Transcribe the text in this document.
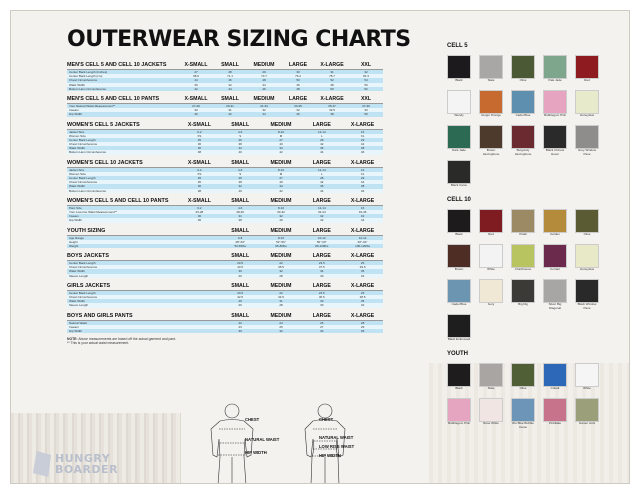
OUTERWEAR SIZING CHARTS
MEN'S CELL 5 AND CELL 10 JACKETS	X-SMALL	SMALL	MEDIUM	LARGE	X-LARGE	XXL
Center Back Length (Inches)	27	28	29	30	31	32
Center Back Length (cm)	68.6	71.1	73.7	76.2	78.7	81.3
Chest Circumference	44	46	48	50	52	54
Waist Width	40	42	44	46	48	50
Bottom Hem Circumference	42	44	46	48	50	52
MEN'S CELL 5 AND CELL 10 PANTS	X-SMALL	SMALL	MEDIUM	LARGE	X-LARGE	XXL
Your Natural Waist Measurement**	27-29	29-31	31-33	33-35	35-37	37-39
Inseam	30	31	32	32	32.5	33
Hip Width	40	42	44	46	48	50
WOMEN'S CELL 5 JACKETS	X-SMALL	SMALL	MEDIUM	LARGE	X-LARGE
Jacket Size	0-2	4-6	8-10	12-14	16
Women Size	XS	S	M	L	XL
Center Back Length	25	26	27	28	29
Chest Circumference	36	38	40	42	44
Waist Width	30	32	34	36	38
Bottom Hem Circumference	38	40	42	44	46
WOMEN'S CELL 10 JACKETS	X-SMALL	SMALL	MEDIUM	LARGE	X-LARGE
Jacket Size	0-2	4-6	8-10	12-14	16
Women Size	XS	S	M	L	XL
Center Back Length	25	26	27	28	29
Chest Circumference	36	38	40	42	44
Waist Width	30	32	34	36	38
Bottom Hem Circumference	38	40	42	44	46
WOMEN'S CELL 5 AND CELL 10 PANTS	X-SMALL	SMALL	MEDIUM	LARGE	X-LARGE
Pant Size	0-2	4-6	8-10	12-14	16
Your Low-rise Waist Measurement**	26-28	28-30	30-32	32-34	34-36
Inseam	30	31	32	32	32
Hip Width	36	38	40	42	44
YOUTH SIZING	SMALL	MEDIUM	LARGE	X-LARGE
Age Range	6-8	8-10	10-12	12-14
Height	48"-52"	52"-56"	56"-60"	60"-64"
Weight	50-65lbs	65-80lbs	80-100lbs	100-120lbs
BOYS JACKETS	SMALL	MEDIUM	LARGE	X-LARGE
Center Back Length	20.5	22	23.5	25
Chest Circumference	33.5	35.5	37.5	39.5
Waist Width	30	32	34	36
Sleeve Length	26	28	30	32
GIRLS JACKETS	SMALL	MEDIUM	LARGE	X-LARGE
Center Back Length	20.5	22	23.5	25
Chest Circumference	32.5	34.5	36.5	38.5
Waist Width	29	31	33	35
Sleeve Length	26	28	30	32
BOYS AND GIRLS PANTS	SMALL	MEDIUM	LARGE	X-LARGE
Natural Waist	22	24	26	28
Inseam	23	25	27	29
Hip Width	30	32	34	36
NOTE: Above measurements are based off the actual garment and pant.
** This is your actual waist measurement.
CHEST
NATURAL WAIST
HIP WIDTH
CHEST
NATURAL WAIST
LOW RISE WAIST
HIP WIDTH
HUNGRY
BOARDER
CELL 5
Black	Slate	Olive	Pale Jade	Red
Wendy	Ginger Orange	Cadet Blue	Bubblegum Pink	Honeydew
Dark Jade	Brown Herringbone
Burgundy Herringbone
Black Chinois Hover
Grey Window Pane
Black Camo
CELL 10
Black	Red	Khaki	Golden	Olive
Brown	White	Chartbreuse	Currant	Honeydew
Cadet Blue	Ivory	Big Dig	Silver Big Diagonal
Black Window Pane
Black Embossed
YOUTH
Black	Slate	Olive	Cobalt	White
Bubblegum Pink	Rose White	Rio Blue Bubble Camo
Pinkflake	Gamer Jock
